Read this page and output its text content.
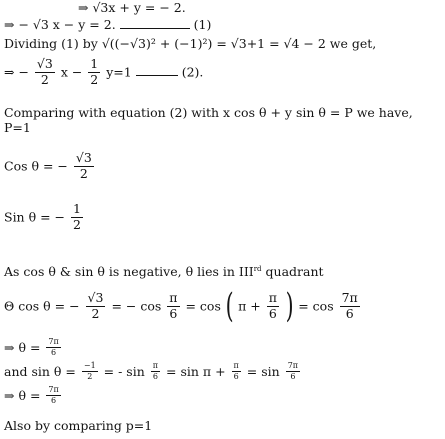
⇒ √3x + y = − 2.
⇒ − √3 x − y = 2.	(1)
Dividing (1) by √((−√3)² + (−1)²) = √3+1 = √4 − 2 we get,
⇒ − $\frac{√3}{2}$ $x - \frac{1}{2} y=1$	(2).
Comparing with equation (2) with x cos θ + y sin θ = P we have,
P=1
Cos θ = − $\frac{√3}{2}$
Sin θ = − $\frac{1}{2}$
As cos θ & sin θ is negative, θ lies in IIIrd quadrant
Θ cos θ = − $\frac{√3}{2}$ = − $\cos \frac{\pi}{6} = \cos$ ( $\pi + \frac{\pi}{6}$ ) = $\cos \frac{7\pi}{6}$
⇒ $\theta = \frac{7\pi}{6}$
and $\sin \theta = \frac{-1}{2}$ = - $\sin \frac{\pi}{6} = \sin \pi + \frac{\pi}{6} = \sin \frac{7\pi}{6}$
⇒ $\theta = \frac{7\pi}{6}$
Also by comparing p=1
